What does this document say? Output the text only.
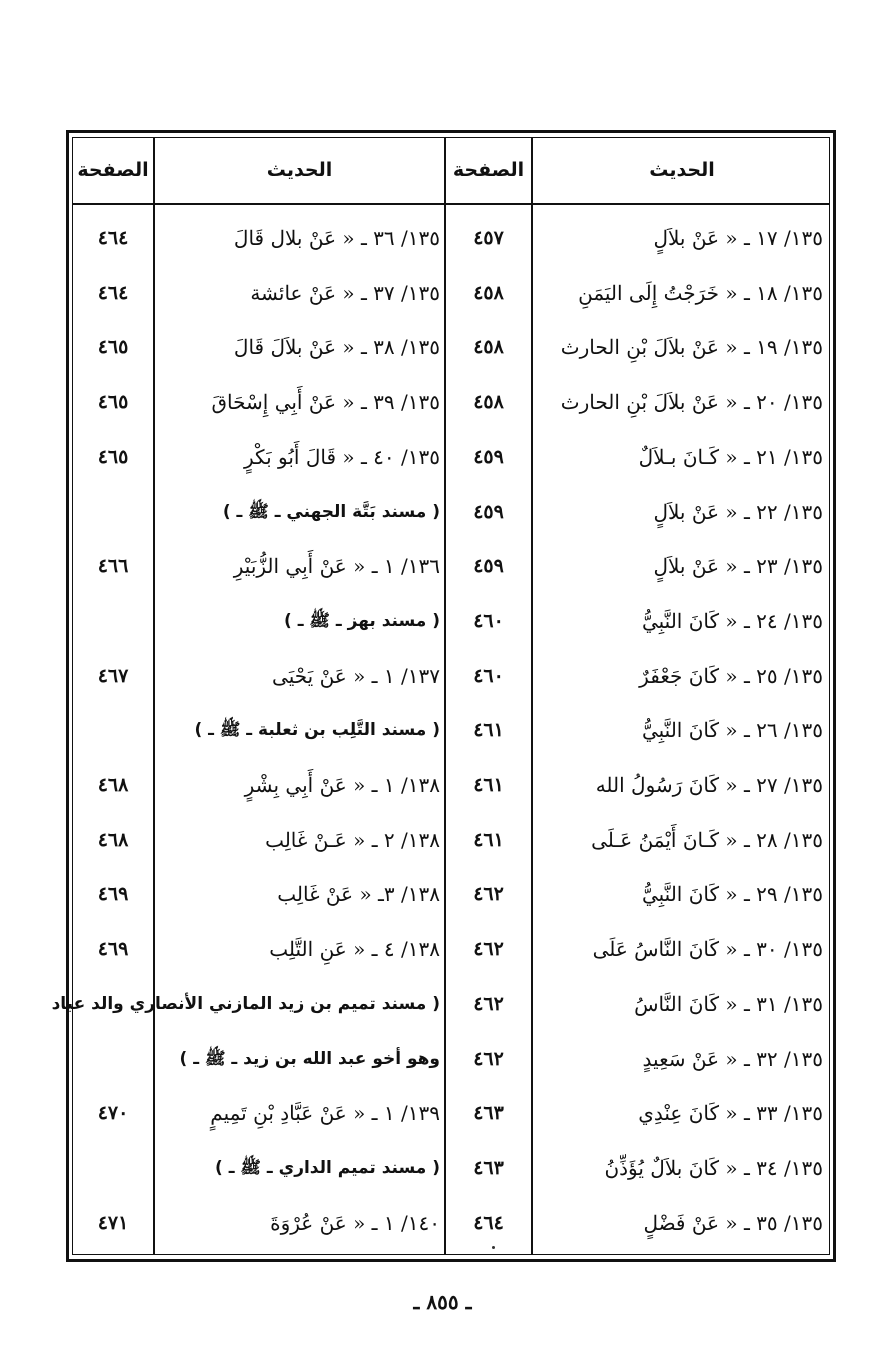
الحديث
الصفحة
الحديث
الصفحة
١٣٥/ ١٧ ـ « عَنْ بلاَلٍ
٤٥٧
١٣٥/ ١٨ ـ « خَرَجْتُ إِلَى اليَمَنِ
٤٥٨
١٣٥/ ١٩ ـ « عَنْ بلاَلَ بْنِ الحارث
٤٥٨
١٣٥/ ٢٠ ـ « عَنْ بلاَلَ بْنِ الحارث
٤٥٨
١٣٥/ ٢١ ـ « كَـانَ بـلاَلٌ
٤٥٩
١٣٥/ ٢٢ ـ « عَنْ بلاَلٍ
٤٥٩
١٣٥/ ٢٣ ـ « عَنْ بلاَلٍ
٤٥٩
١٣٥/ ٢٤ ـ « كَانَ النَّبِيُّ
٤٦٠
١٣٥/ ٢٥ ـ « كَانَ جَعْفَرٌ
٤٦٠
١٣٥/ ٢٦ ـ « كَانَ النَّبِيُّ
٤٦١
١٣٥/ ٢٧ ـ « كَانَ رَسُولُ الله
٤٦١
١٣٥/ ٢٨ ـ « كَـانَ أَيْمَنُ عَـلَى
٤٦١
١٣٥/ ٢٩ ـ « كَانَ النَّبِيُّ
٤٦٢
١٣٥/ ٣٠ ـ « كَانَ النَّاسُ عَلَى
٤٦٢
١٣٥/ ٣١ ـ « كَانَ النَّاسُ
٤٦٢
١٣٥/ ٣٢ ـ « عَنْ سَعِيدٍ
٤٦٢
١٣٥/ ٣٣ ـ « كَانَ عِنْدِي
٤٦٣
١٣٥/ ٣٤ ـ « كَانَ بلاَلٌ يُؤَذِّنُ
٤٦٣
١٣٥/ ٣٥ ـ « عَنْ فَضْلٍ
٤٦٤
١٣٥/ ٣٦ ـ « عَنْ بلال قَالَ
٤٦٤
١٣٥/ ٣٧ ـ « عَنْ عائشة
٤٦٤
١٣٥/ ٣٨ ـ « عَنْ بلاَلَ قَالَ
٤٦٥
١٣٥/ ٣٩ ـ « عَنْ أَبِي إِسْحَاقَ
٤٦٥
١٣٥/ ٤٠ ـ « قَالَ أَبُو بَكْرٍ
٤٦٥
( مسند بَتَّة الجهني ـ ﷺ ـ )
١٣٦/ ١ ـ « عَنْ أَبِي الزُّبَيْرِ
٤٦٦
( مسند بهز ـ ﷺ ـ )
١٣٧/ ١ ـ « عَنْ يَحْيَى
٤٦٧
( مسند التَّلِب بن ثعلبة ـ ﷺ ـ )
١٣٨/ ١ ـ « عَنْ أَبِي بِشْرٍ
٤٦٨
١٣٨/ ٢ ـ « عَـنْ غَالِب
٤٦٨
١٣٨/ ٣ـ « عَنْ غَالِب
٤٦٩
١٣٨/ ٤ ـ « عَنِ التَّلِب
٤٦٩
( مسند تميم بن زيد المازني الأنصاري والد عباد
وهو أخو عبد الله بن زيد ـ ﷺ ـ )
١٣٩/ ١ ـ « عَنْ عَبَّادِ بْنِ تَمِيمٍ
٤٧٠
( مسند تميم الداري ـ ﷺ ـ )
١٤٠/ ١ ـ « عَنْ عُرْوَةَ
٤٧١
ـ ٨٥٥ ـ
